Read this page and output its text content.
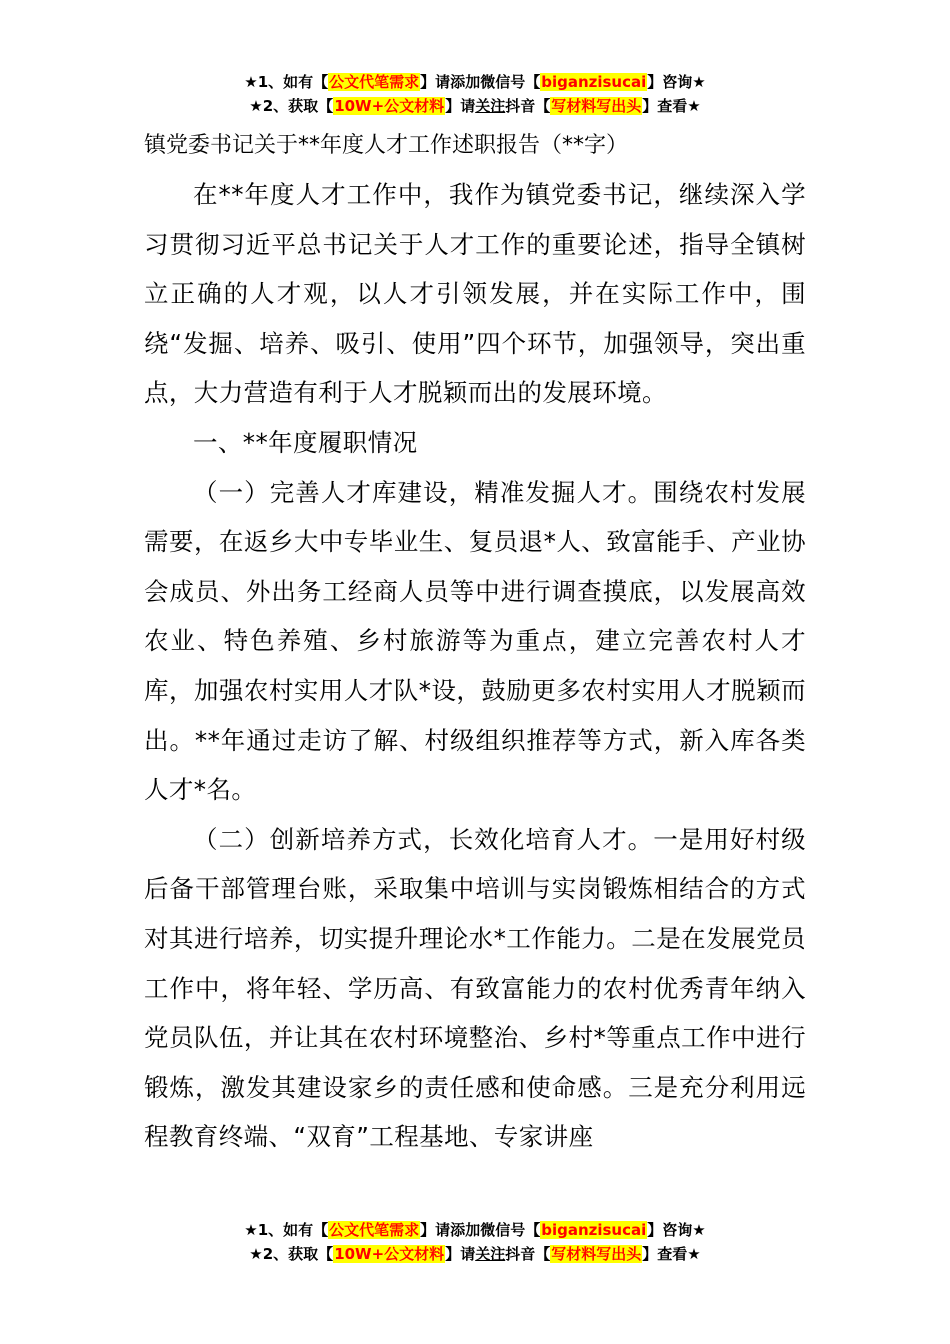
★1、如有【公文代笔需求】请添加微信号【biganzisucai】咨询★
★2、获取【10W+公文材料】请关注抖音【写材料写出头】查看★

镇党委书记关于**年度人才工作述职报告（**字）

在**年度人才工作中，我作为镇党委书记，继续深入学习贯彻习近平总书记关于人才工作的重要论述，指导全镇树立正确的人才观，以人才引领发展，并在实际工作中，围绕“发掘、培养、吸引、使用”四个环节，加强领导，突出重点，大力营造有利于人才脱颖而出的发展环境。

一、**年度履职情况

（一）完善人才库建设，精准发掘人才。围绕农村发展需要，在返乡大中专毕业生、复员退*人、致富能手、产业协会成员、外出务工经商人员等中进行调查摸底，以发展高效农业、特色养殖、乡村旅游等为重点，建立完善农村人才库，加强农村实用人才队*设，鼓励更多农村实用人才脱颖而出。**年通过走访了解、村级组织推荐等方式，新入库各类人才*名。

（二）创新培养方式，长效化培育人才。一是用好村级后备干部管理台账，采取集中培训与实岗锻炼相结合的方式对其进行培养，切实提升理论水*工作能力。二是在发展党员工作中，将年轻、学历高、有致富能力的农村优秀青年纳入党员队伍，并让其在农村环境整治、乡村*等重点工作中进行锻炼，激发其建设家乡的责任感和使命感。三是充分利用远程教育终端、“双育”工程基地、专家讲座

★1、如有【公文代笔需求】请添加微信号【biganzisucai】咨询★
★2、获取【10W+公文材料】请关注抖音【写材料写出头】查看★
